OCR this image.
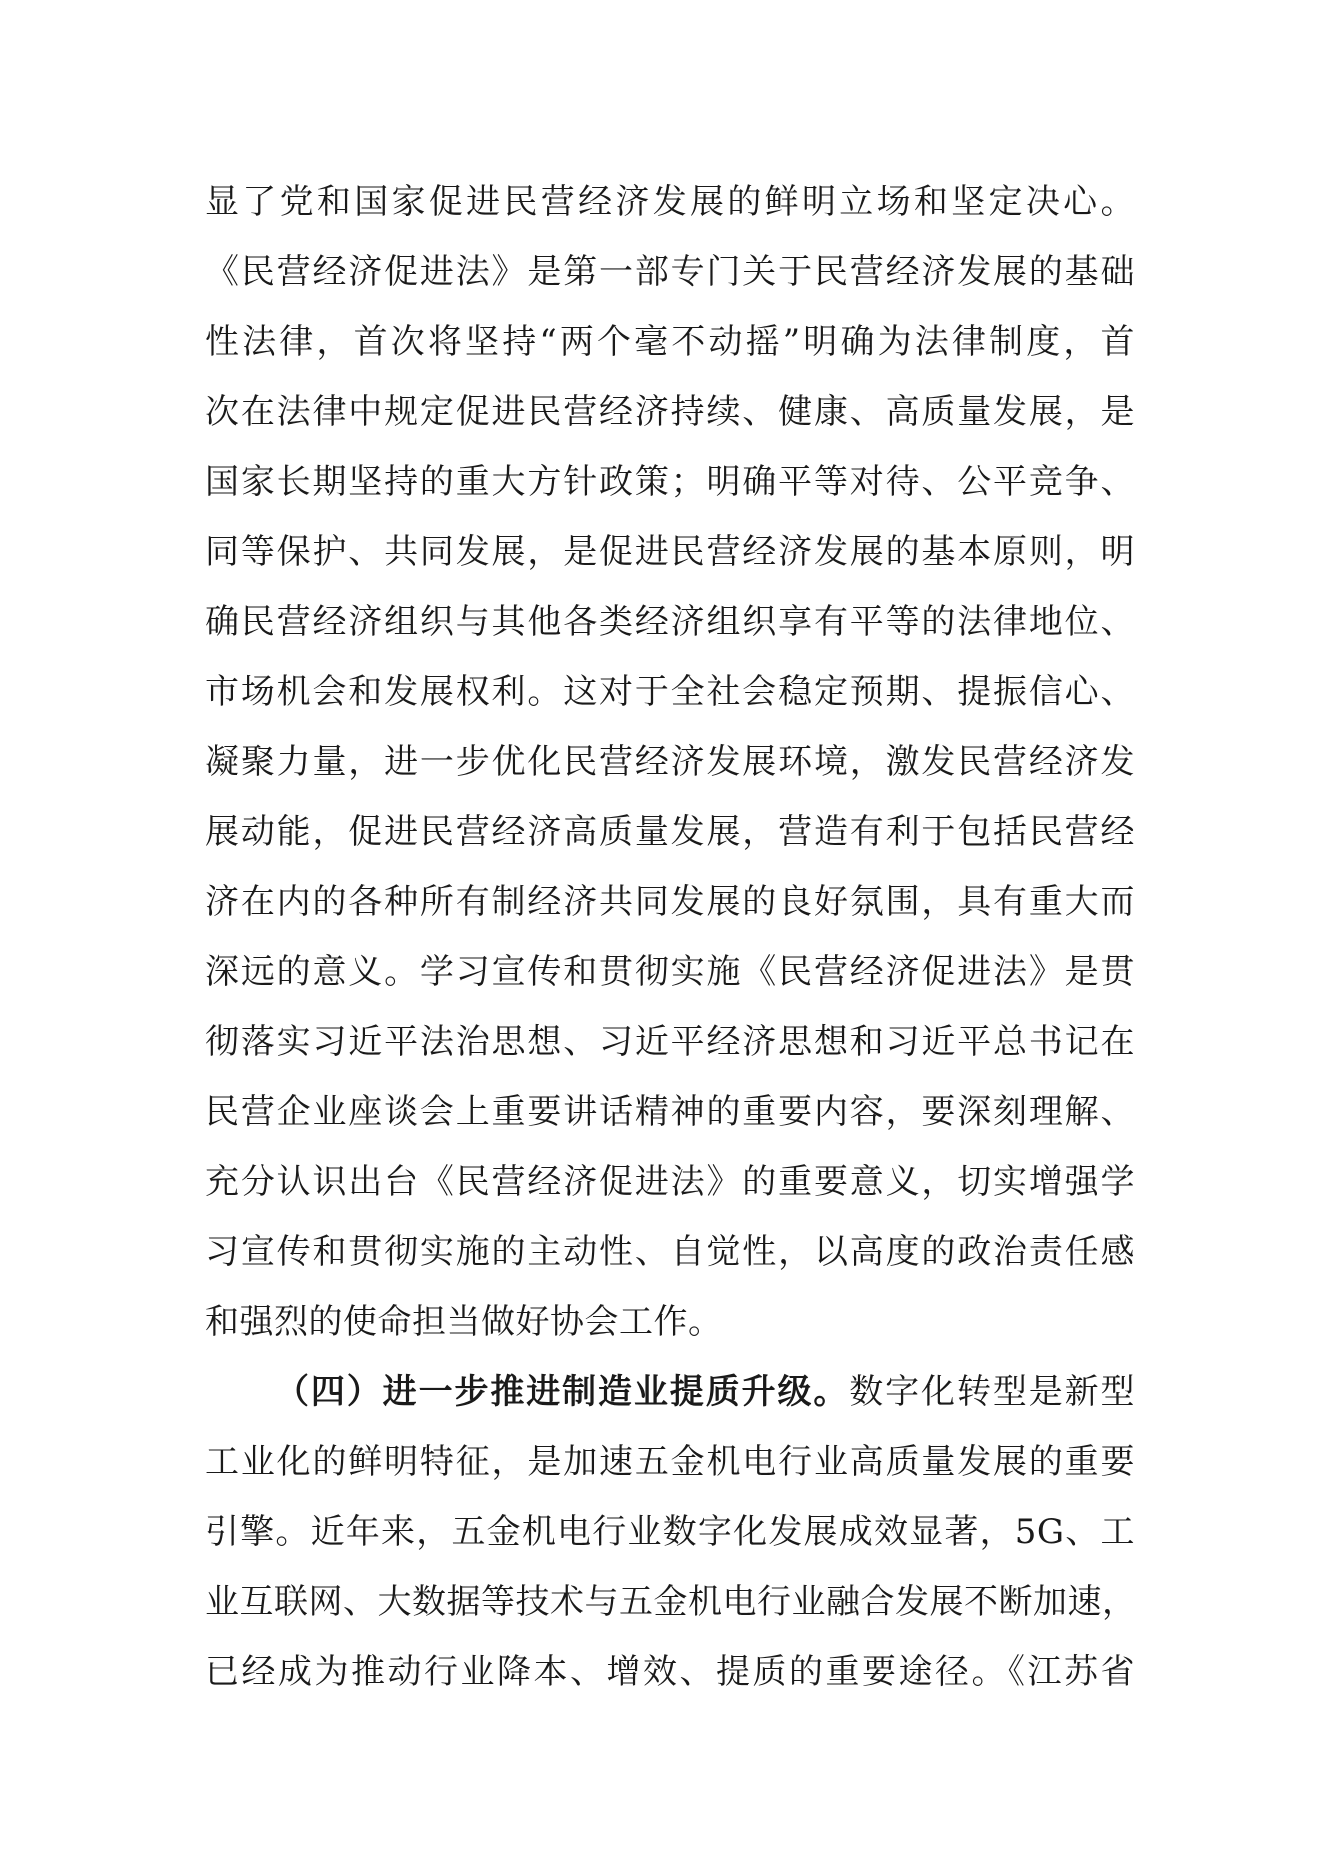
显了党和国家促进民营经济发展的鲜明立场和坚定决心。
《民营经济促进法》是第一部专门关于民营经济发展的基础
性法律，首次将坚持“两个毫不动摇”明确为法律制度，首
次在法律中规定促进民营经济持续、健康、高质量发展，是
国家长期坚持的重大方针政策；明确平等对待、公平竞争、
同等保护、共同发展，是促进民营经济发展的基本原则，明
确民营经济组织与其他各类经济组织享有平等的法律地位、
市场机会和发展权利。这对于全社会稳定预期、提振信心、
凝聚力量，进一步优化民营经济发展环境，激发民营经济发
展动能，促进民营经济高质量发展，营造有利于包括民营经
济在内的各种所有制经济共同发展的良好氛围，具有重大而
深远的意义。学习宣传和贯彻实施《民营经济促进法》是贯
彻落实习近平法治思想、习近平经济思想和习近平总书记在
民营企业座谈会上重要讲话精神的重要内容，要深刻理解、
充分认识出台《民营经济促进法》的重要意义，切实增强学
习宣传和贯彻实施的主动性、自觉性，以高度的政治责任感
和强烈的使命担当做好协会工作。
（四）进一步推进制造业提质升级。数字化转型是新型
工业化的鲜明特征，是加速五金机电行业高质量发展的重要
引擎。近年来，五金机电行业数字化发展成效显著，5G、工
业互联网、大数据等技术与五金机电行业融合发展不断加速，
已经成为推动行业降本、增效、提质的重要途径。《江苏省
